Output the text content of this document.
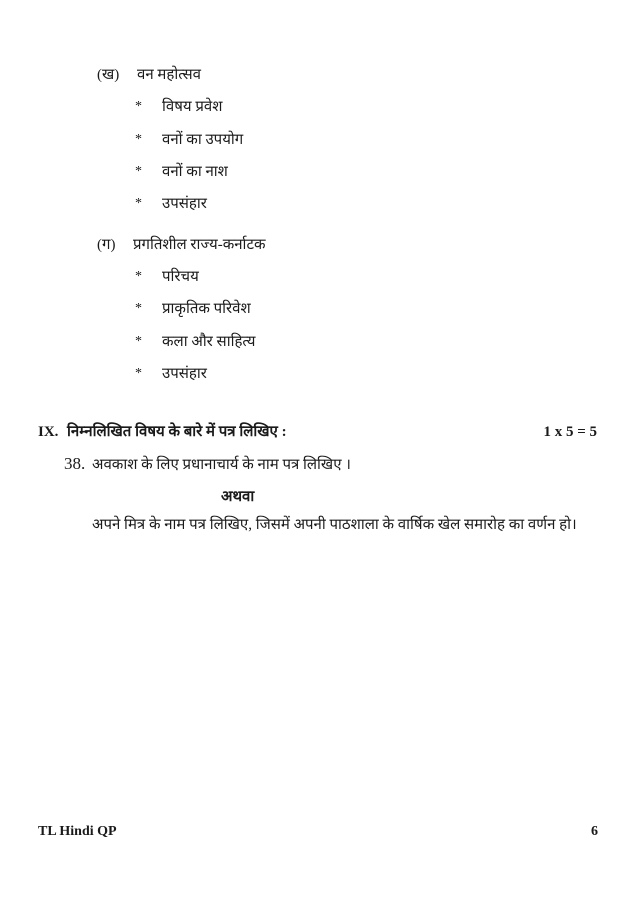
(ख) वन महोत्सव
* विषय प्रवेश
* वनों का उपयोग
* वनों का नाश
* उपसंहार
(ग) प्रगतिशील राज्य-कर्नाटक
* परिचय
* प्राकृतिक परिवेश
* कला और साहित्य
* उपसंहार
IX. निम्नलिखित विषय के बारे में पत्र लिखिए :	1 x 5 = 5
38. अवकाश के लिए प्रधानाचार्य के नाम पत्र लिखिए ।
अथवा
अपने मित्र के नाम पत्र लिखिए, जिसमें अपनी पाठशाला के वार्षिक खेल समारोह का वर्णन हो।
TL Hindi QP	6
